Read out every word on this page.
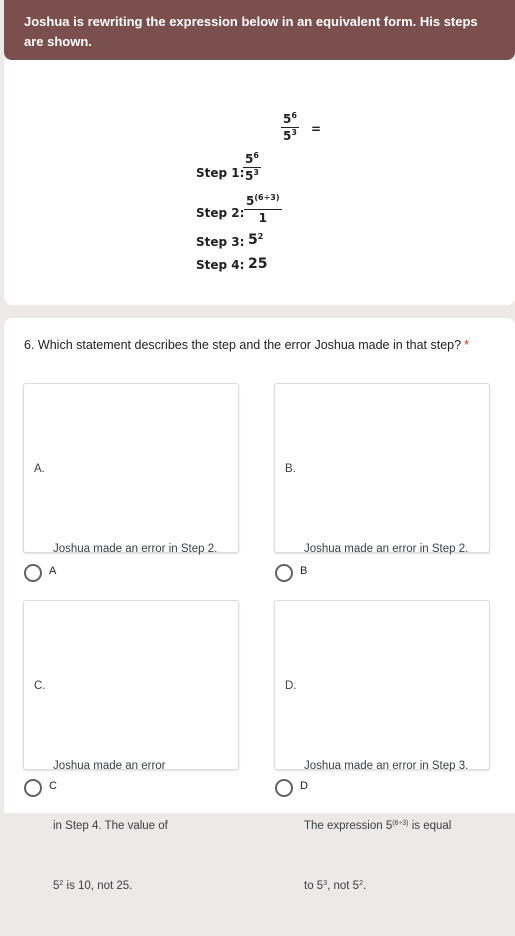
Joshua is rewriting the expression below in an equivalent form. His steps are shown.
$\frac{5^6}{5^3}$ =
Step 1:
$\frac{5^6}{5^3}$
Step 2: $\frac{5^{(6\div 3)}}{1}$
Step 3: $5^2$
Step 4: 25
6. Which statement describes the step and the error Joshua made in that step? *

A.

Joshua made an error in Step 2.

A

B.

Joshua made an error in Step 2.

B

C.

Joshua made an error

in Step 4. The value of

$5^2$ is 10, not 25.

C

D.

Joshua made an error in Step 3.

The expression $5^{(6\div 3)}$ is equal

to $5^3$, not $5^2$.

D
